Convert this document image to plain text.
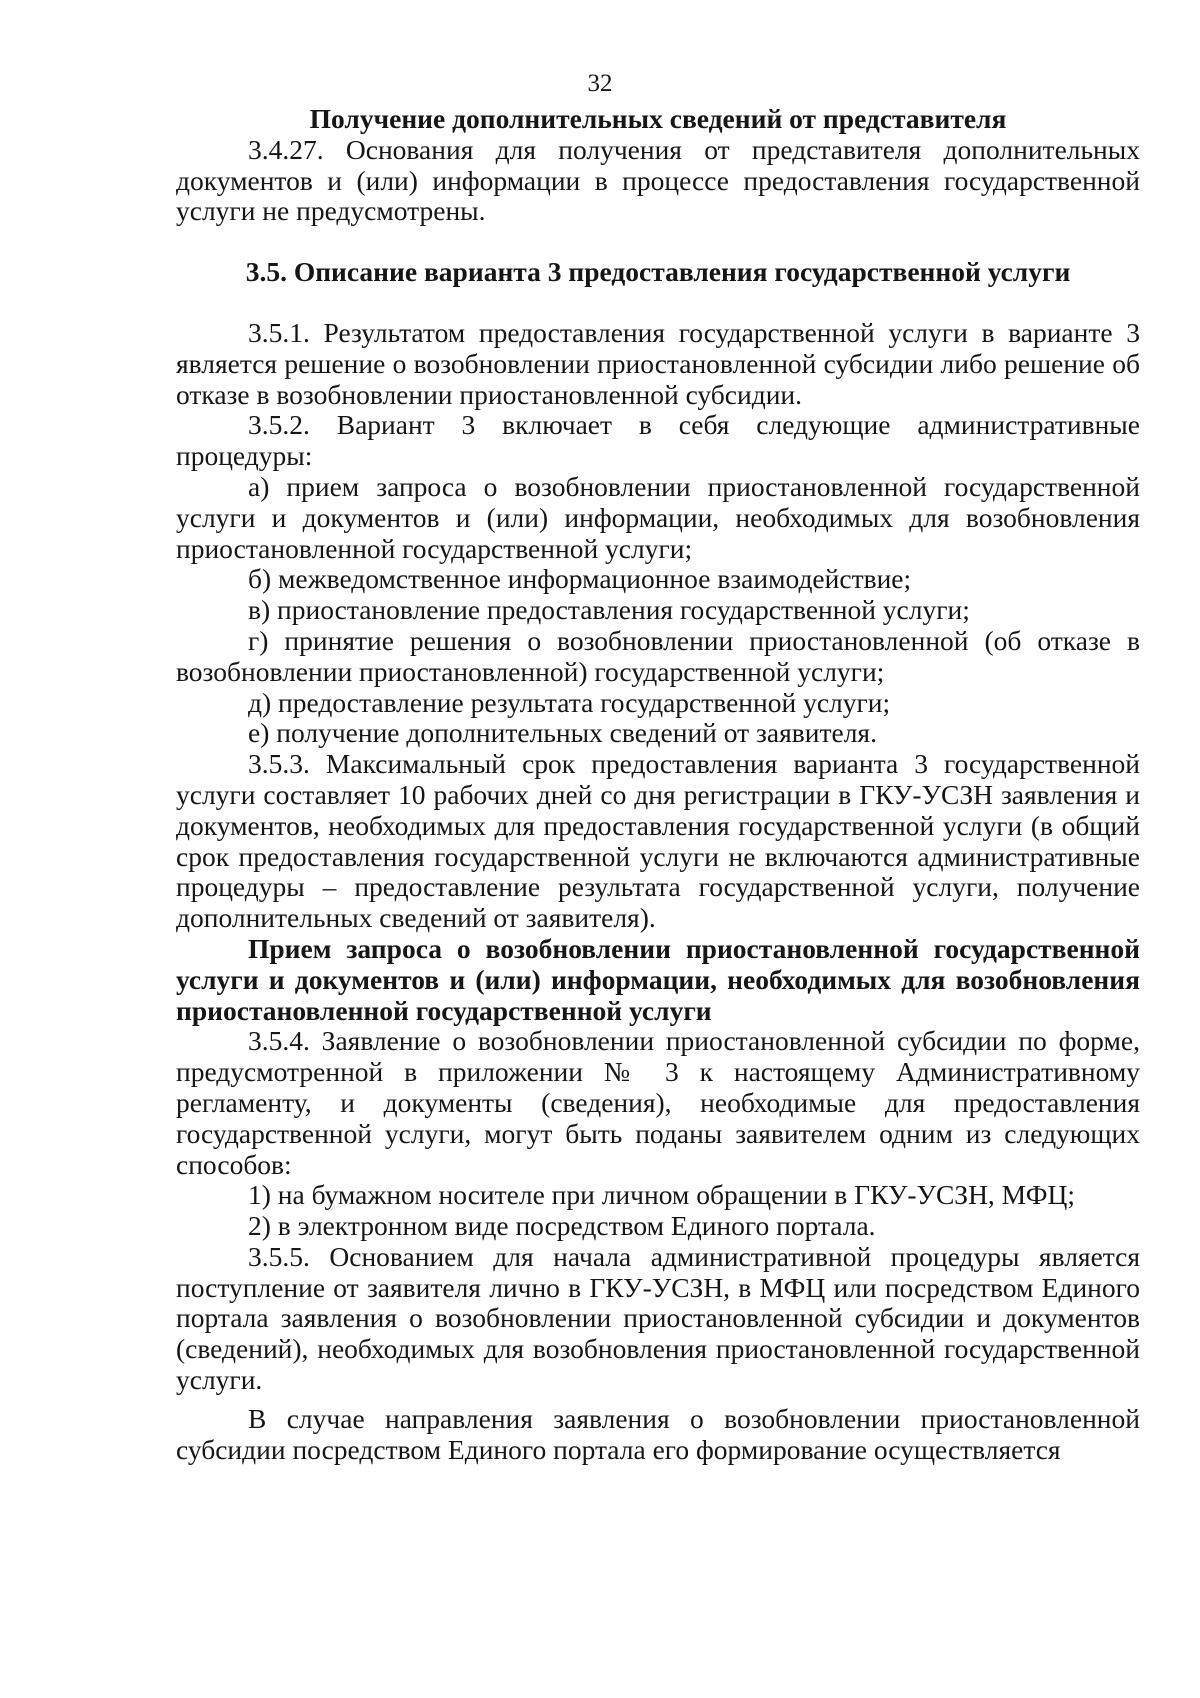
32

Получение дополнительных сведений от представителя

3.4.27. Основания для получения от представителя дополнительных документов и (или) информации в процессе предоставления государственной услуги не предусмотрены.

3.5. Описание варианта 3 предоставления государственной услуги

3.5.1. Результатом предоставления государственной услуги в варианте 3 является решение о возобновлении приостановленной субсидии либо решение об отказе в возобновлении приостановленной субсидии.

3.5.2. Вариант 3 включает в себя следующие административные процедуры:

а) прием запроса о возобновлении приостановленной государственной услуги и документов и (или) информации, необходимых для возобновления приостановленной государственной услуги;

б) межведомственное информационное взаимодействие;

в) приостановление предоставления государственной услуги;

г) принятие решения о возобновлении приостановленной (об отказе в возобновлении приостановленной) государственной услуги;

д) предоставление результата государственной услуги;

е) получение дополнительных сведений от заявителя.

3.5.3. Максимальный срок предоставления варианта 3 государственной услуги составляет 10 рабочих дней со дня регистрации в ГКУ-УСЗН заявления и документов, необходимых для предоставления государственной услуги (в общий срок предоставления государственной услуги не включаются административные процедуры – предоставление результата государственной услуги, получение дополнительных сведений от заявителя).

Прием запроса о возобновлении приостановленной государственной услуги и документов и (или) информации, необходимых для возобновления приостановленной государственной услуги

3.5.4. Заявление о возобновлении приостановленной субсидии по форме, предусмотренной в приложении № 3 к настоящему Административному регламенту, и документы (сведения), необходимые для предоставления государственной услуги, могут быть поданы заявителем одним из следующих способов:

1) на бумажном носителе при личном обращении в ГКУ-УСЗН, МФЦ;

2) в электронном виде посредством Единого портала.

3.5.5. Основанием для начала административной процедуры является поступление от заявителя лично в ГКУ-УСЗН, в МФЦ или посредством Единого портала заявления о возобновлении приостановленной субсидии и документов (сведений), необходимых для возобновления приостановленной государственной услуги.

В случае направления заявления о возобновлении приостановленной субсидии посредством Единого портала его формирование осуществляется
